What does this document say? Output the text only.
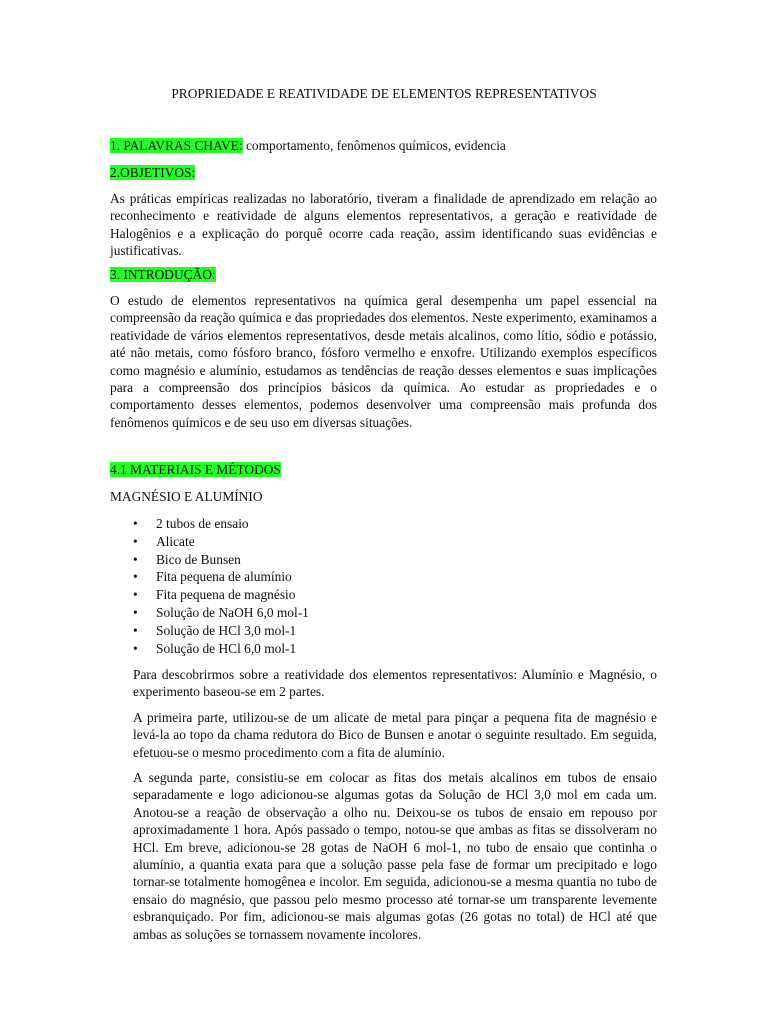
PROPRIEDADE E REATIVIDADE DE ELEMENTOS REPRESENTATIVOS
1. PALAVRAS CHAVE: comportamento, fenômenos químicos, evidencia
2.OBJETIVOS:
As práticas empíricas realizadas no laboratório, tiveram a finalidade de aprendizado em relação ao reconhecimento e reatividade de alguns elementos representativos, a geração e reatividade de Halogênios e a explicação do porquê ocorre cada reação, assim identificando suas evidências e justificativas.
3. INTRODUÇÃO:
O estudo de elementos representativos na química geral desempenha um papel essencial na compreensão da reação química e das propriedades dos elementos. Neste experimento, examinamos a reatividade de vários elementos representativos, desde metais alcalinos, como lítio, sódio e potássio, até não metais, como fósforo branco, fósforo vermelho e enxofre. Utilizando exemplos específicos como magnésio e alumínio, estudamos as tendências de reação desses elementos e suas implicações para a compreensão dos princípios básicos da química. Ao estudar as propriedades e o comportamento desses elementos, podemos desenvolver uma compreensão mais profunda dos fenômenos químicos e de seu uso em diversas situações.
4.1 MATERIAIS E MÉTODOS
MAGNÉSIO E ALUMÍNIO
• 2 tubos de ensaio
• Alicate
• Bico de Bunsen
• Fita pequena de alumínio
• Fita pequena de magnésio
• Solução de NaOH 6,0 mol-1
• Solução de HCl 3,0 mol-1
• Solução de HCl 6,0 mol-1
Para descobrirmos sobre a reatividade dos elementos representativos: Alumínio e Magnésio, o experimento baseou-se em 2 partes.
A primeira parte, utilizou-se de um alicate de metal para pinçar a pequena fita de magnésio e levá-la ao topo da chama redutora do Bico de Bunsen e anotar o seguinte resultado. Em seguida, efetuou-se o mesmo procedimento com a fita de alumínio.
A segunda parte, consistiu-se em colocar as fitas dos metais alcalinos em tubos de ensaio separadamente e logo adicionou-se algumas gotas da Solução de HCl 3,0 mol em cada um. Anotou-se a reação de observação a olho nu. Deixou-se os tubos de ensaio em repouso por aproximadamente 1 hora. Após passado o tempo, notou-se que ambas as fitas se dissolveram no HCl. Em breve, adicionou-se 28 gotas de NaOH 6 mol-1, no tubo de ensaio que continha o alumínio, a quantia exata para que a solução passe pela fase de formar um precipitado e logo tornar-se totalmente homogênea e incolor. Em seguida, adicionou-se a mesma quantia no tubo de ensaio do magnésio, que passou pelo mesmo processo até tornar-se um transparente levemente esbranquiçado. Por fim, adicionou-se mais algumas gotas (26 gotas no total) de HCl até que ambas as soluções se tornassem novamente incolores.
